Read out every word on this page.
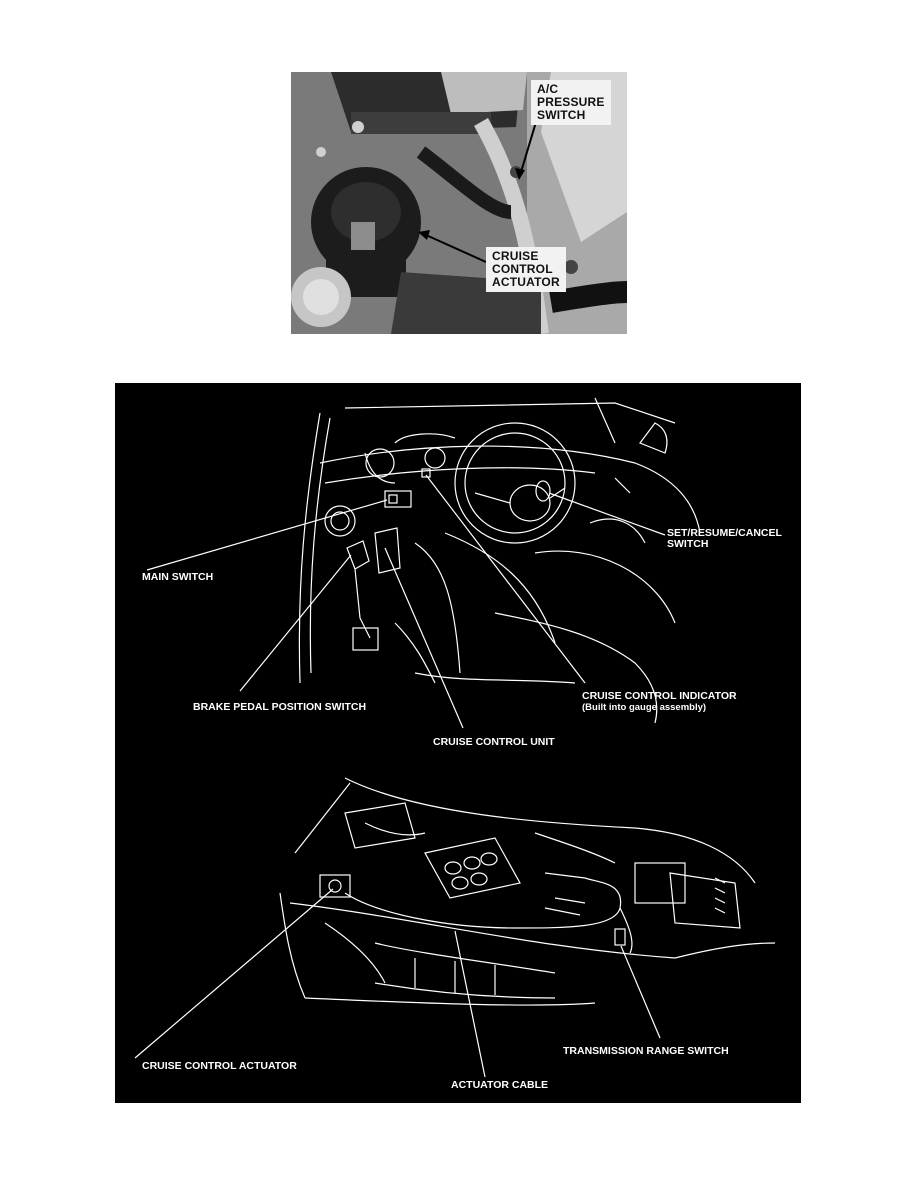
A/C
PRESSURE
SWITCH
CRUISE
CONTROL
ACTUATOR
SET/RESUME/CANCEL
SWITCH
MAIN SWITCH
CRUISE CONTROL INDICATOR
(Built into gauge assembly)
BRAKE PEDAL POSITION SWITCH
CRUISE CONTROL UNIT
CRUISE CONTROL ACTUATOR
TRANSMISSION RANGE SWITCH
ACTUATOR CABLE
